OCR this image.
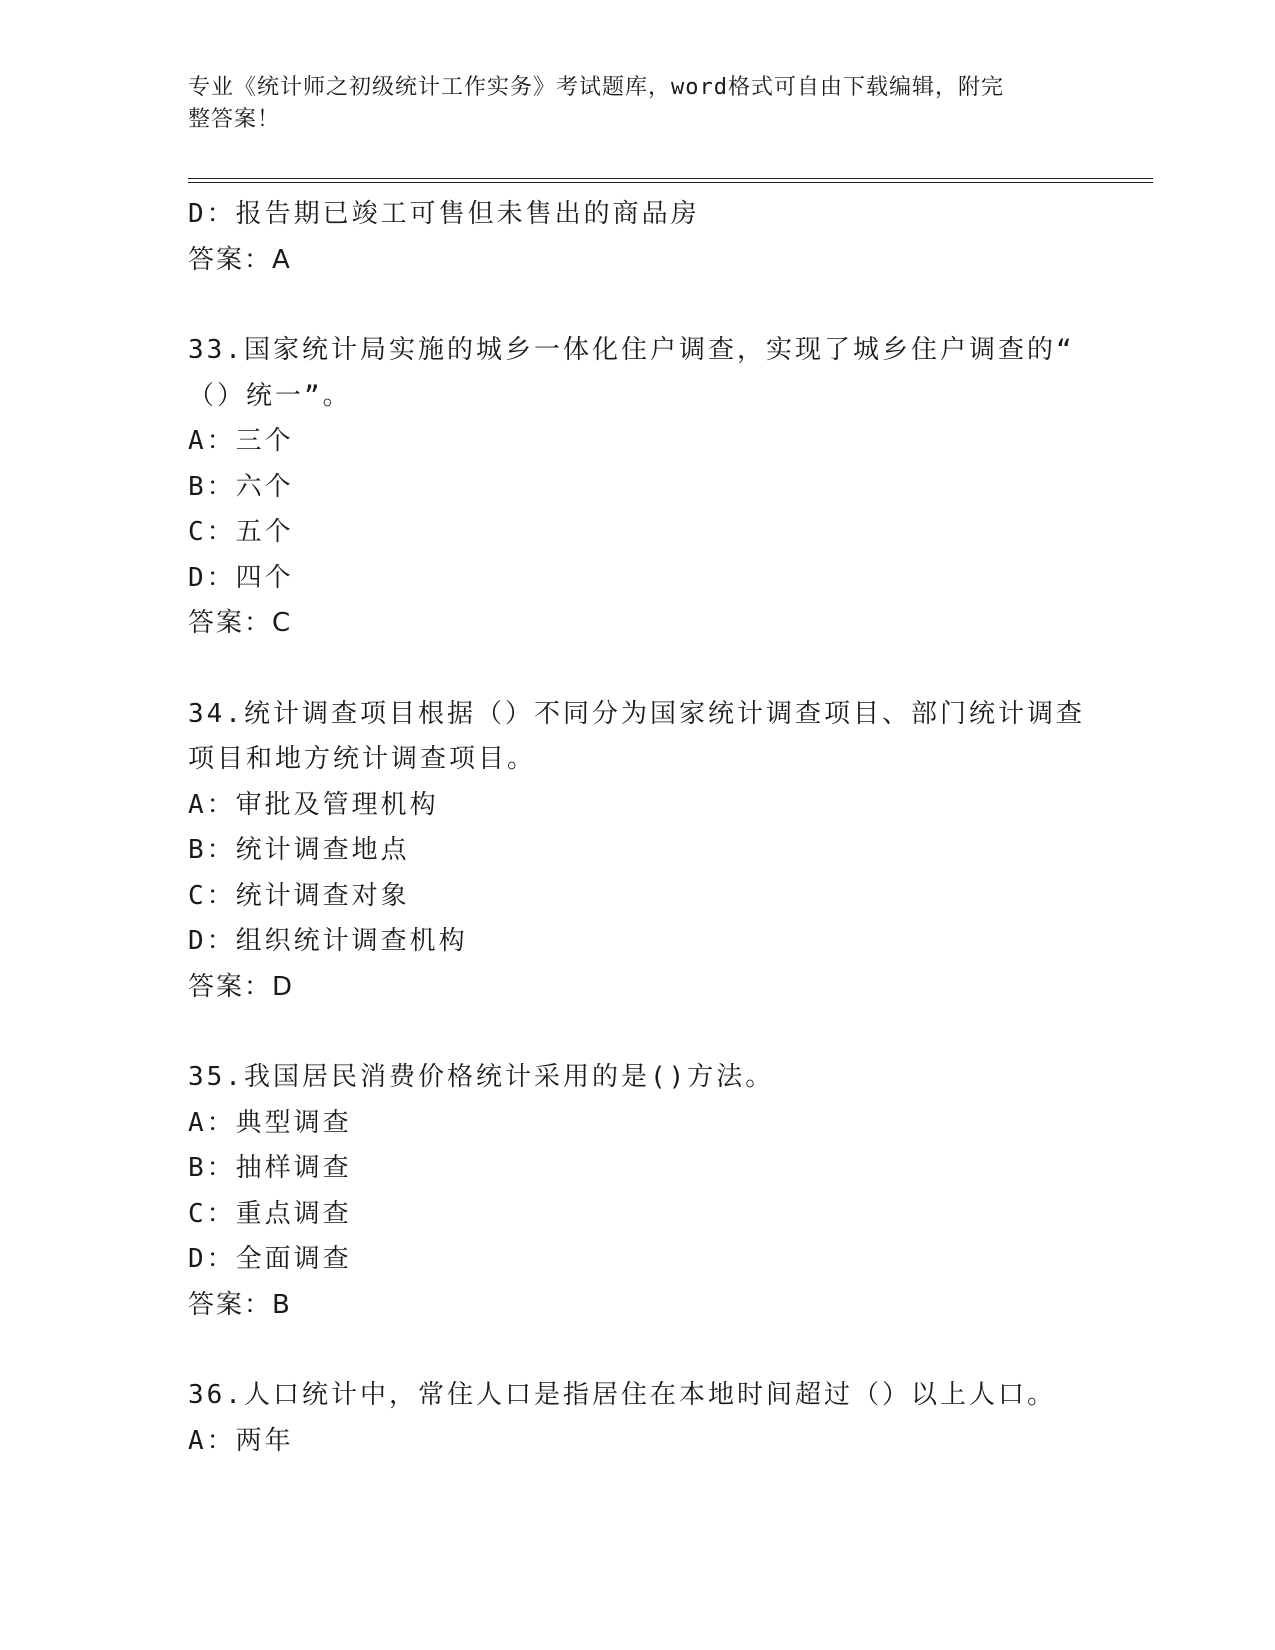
专业《统计师之初级统计工作实务》考试题库，word格式可自由下载编辑，附完
整答案！
D：报告期已竣工可售但未售出的商品房
答案：A
33.国家统计局实施的城乡一体化住户调查，实现了城乡住户调查的“
（）统一”。
A：三个
B：六个
C：五个
D：四个
答案：C
34.统计调查项目根据（）不同分为国家统计调查项目、部门统计调查
项目和地方统计调查项目。
A：审批及管理机构
B：统计调查地点
C：统计调查对象
D：组织统计调查机构
答案：D
35.我国居民消费价格统计采用的是()方法。
A：典型调查
B：抽样调查
C：重点调查
D：全面调查
答案：B
36.人口统计中，常住人口是指居住在本地时间超过（）以上人口。
A：两年
